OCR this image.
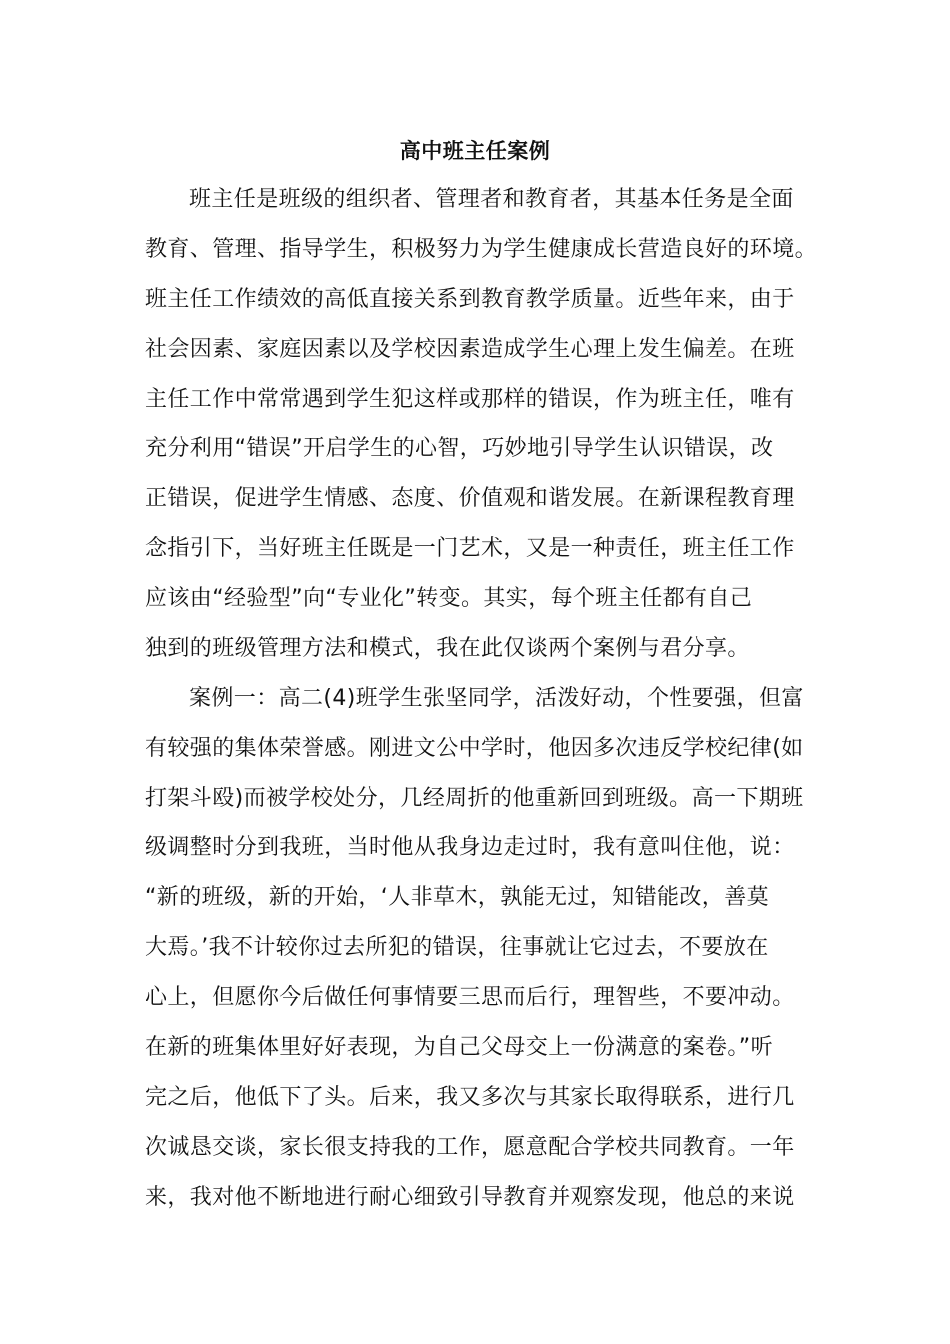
高中班主任案例
班主任是班级的组织者、管理者和教育者，其基本任务是全面
教育、管理、指导学生，积极努力为学生健康成长营造良好的环境。
班主任工作绩效的高低直接关系到教育教学质量。近些年来，由于
社会因素、家庭因素以及学校因素造成学生心理上发生偏差。在班
主任工作中常常遇到学生犯这样或那样的错误，作为班主任，唯有
充分利用“错误”开启学生的心智，巧妙地引导学生认识错误，改
正错误，促进学生情感、态度、价值观和谐发展。在新课程教育理
念指引下，当好班主任既是一门艺术，又是一种责任，班主任工作
应该由“经验型”向“专业化”转变。其实，每个班主任都有自己
独到的班级管理方法和模式，我在此仅谈两个案例与君分享。
案例一：高二(4)班学生张坚同学，活泼好动，个性要强，但富
有较强的集体荣誉感。刚进文公中学时，他因多次违反学校纪律(如
打架斗殴)而被学校处分，几经周折的他重新回到班级。高一下期班
级调整时分到我班，当时他从我身边走过时，我有意叫住他，说：
“新的班级，新的开始，‘人非草木，孰能无过，知错能改，善莫
大焉。’我不计较你过去所犯的错误，往事就让它过去，不要放在
心上，但愿你今后做任何事情要三思而后行，理智些，不要冲动。
在新的班集体里好好表现，为自己父母交上一份满意的案卷。”听
完之后，他低下了头。后来，我又多次与其家长取得联系，进行几
次诚恳交谈，家长很支持我的工作，愿意配合学校共同教育。一年
来，我对他不断地进行耐心细致引导教育并观察发现，他总的来说
